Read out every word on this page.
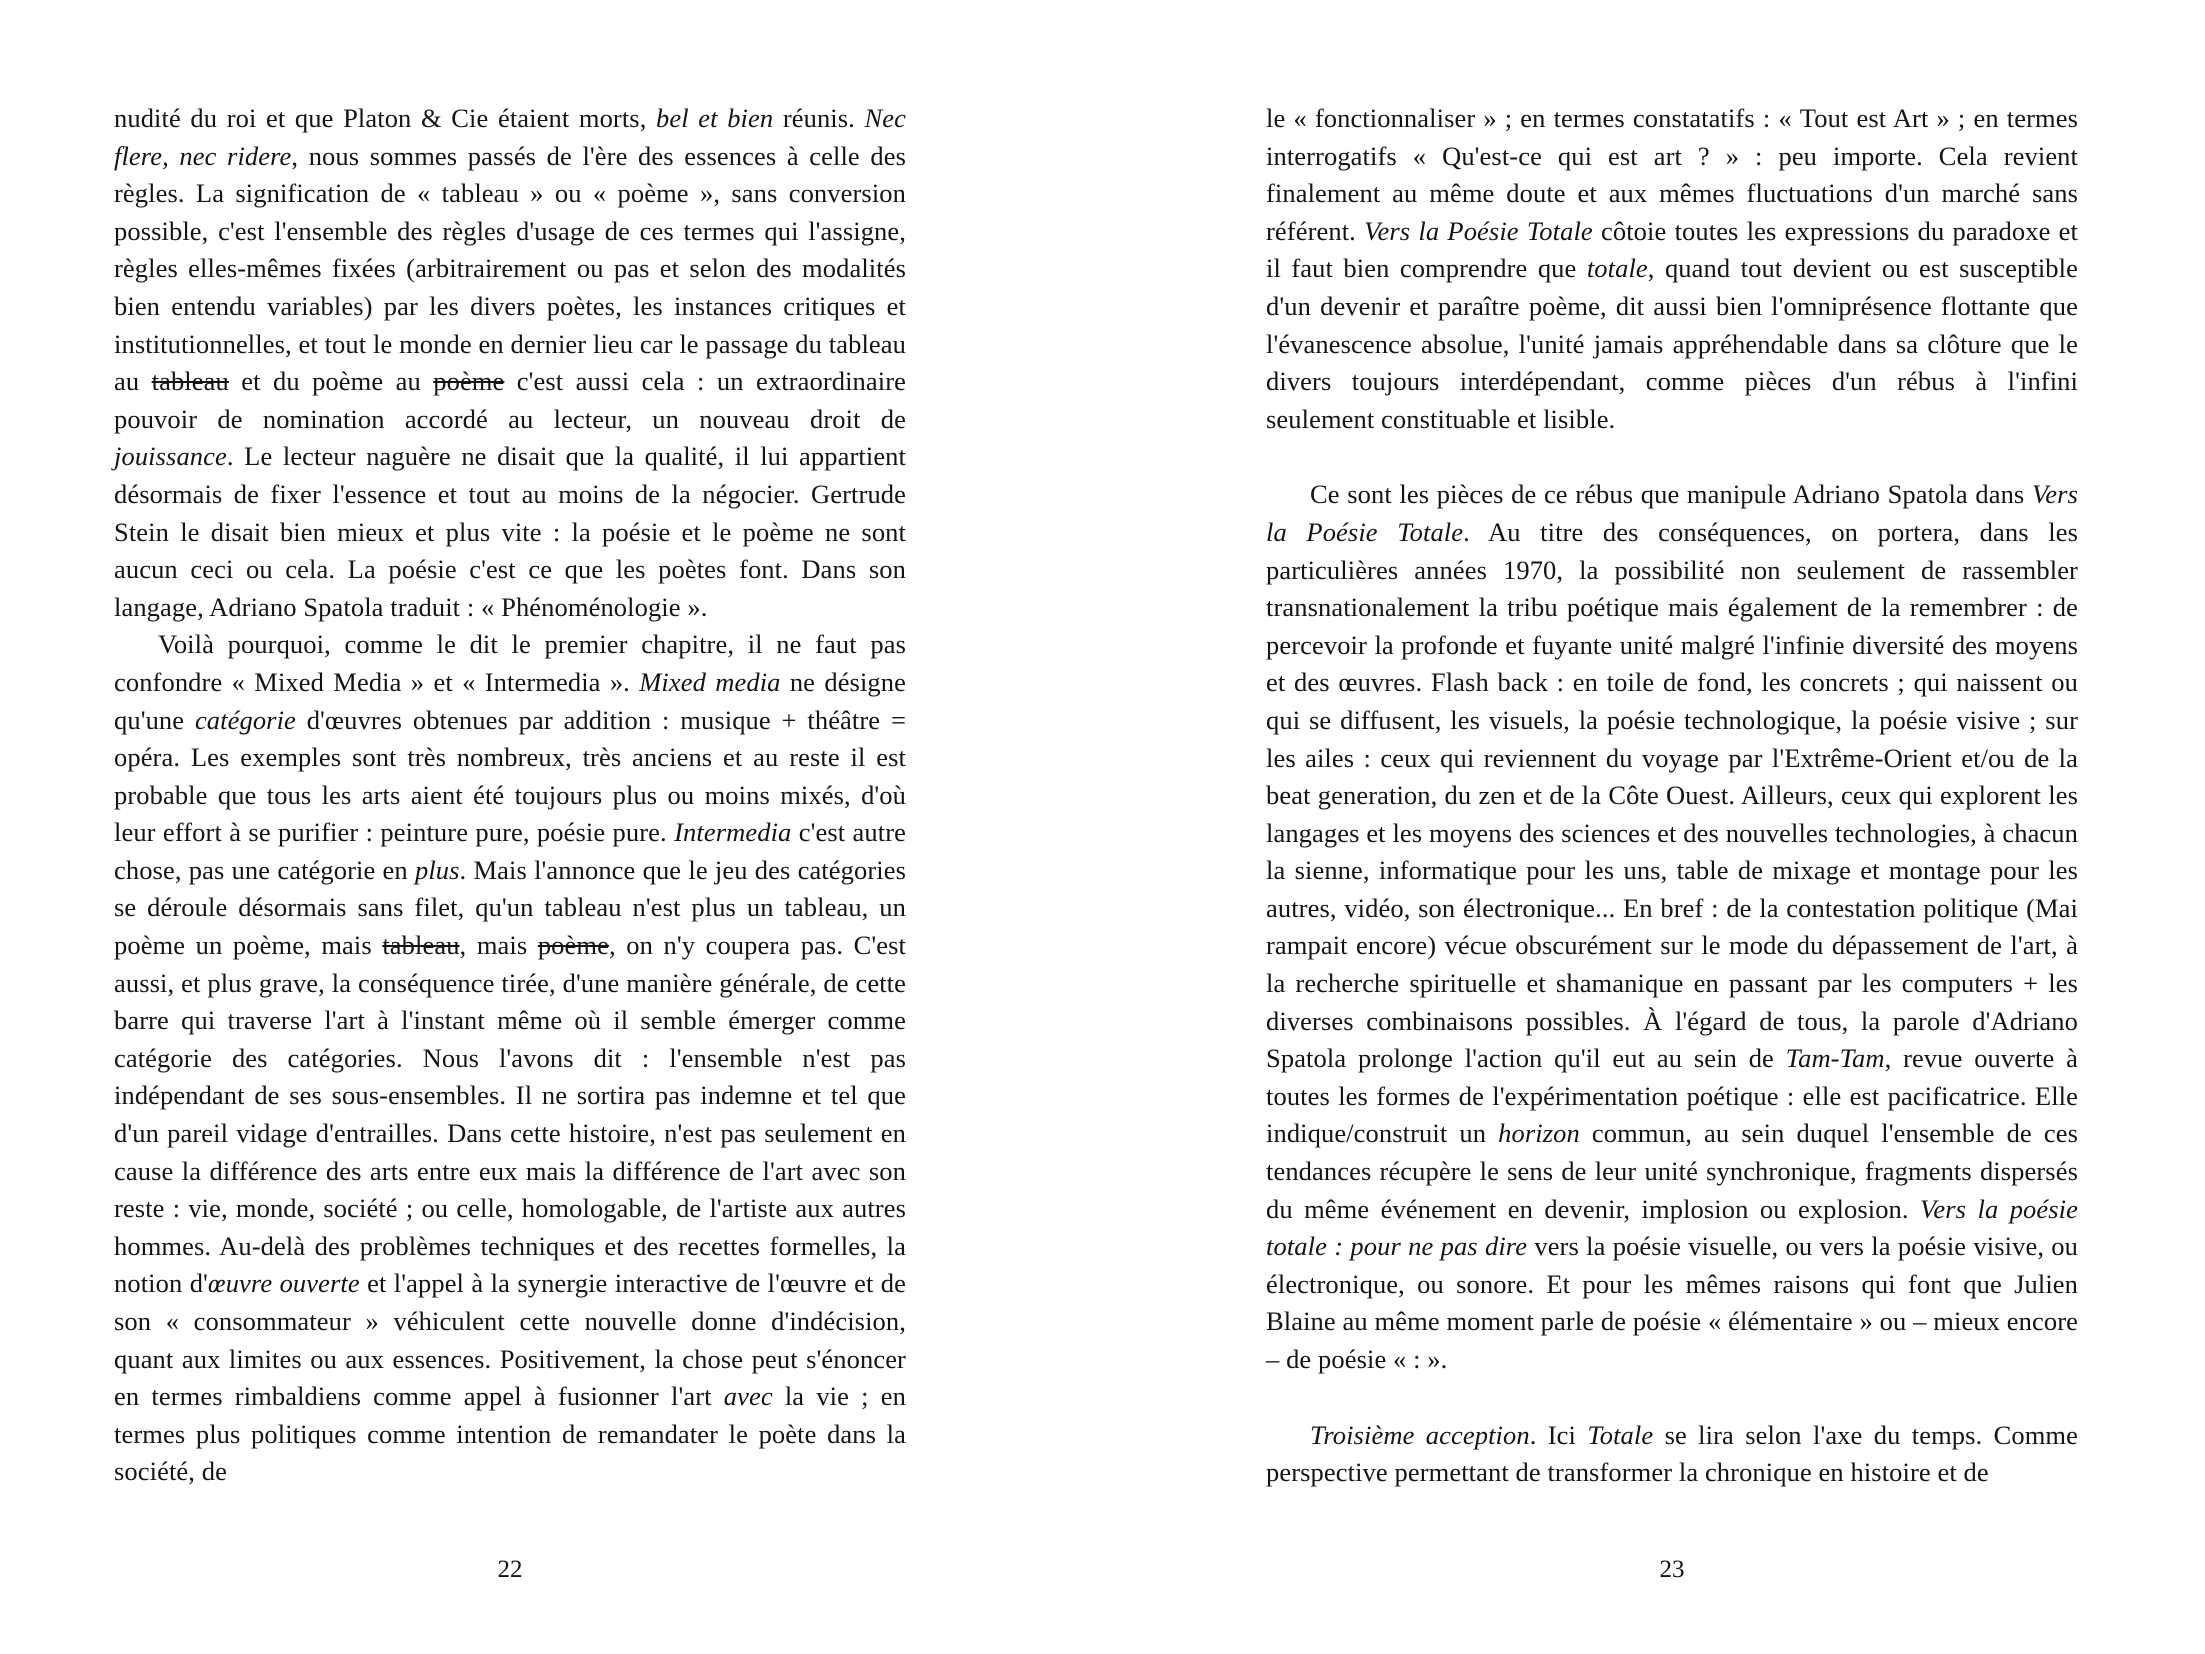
nudité du roi et que Platon & Cie étaient morts, bel et bien réunis. Nec flere, nec ridere, nous sommes passés de l'ère des essences à celle des règles. La signification de « tableau » ou « poème », sans conversion possible, c'est l'ensemble des règles d'usage de ces termes qui l'assigne, règles elles-mêmes fixées (arbitrairement ou pas et selon des modalités bien entendu variables) par les divers poètes, les instances critiques et institutionnelles, et tout le monde en dernier lieu car le passage du tableau au tableau et du poème au poème c'est aussi cela : un extraordinaire pouvoir de nomination accordé au lecteur, un nouveau droit de jouissance. Le lecteur naguère ne disait que la qualité, il lui appartient désormais de fixer l'essence et tout au moins de la négocier. Gertrude Stein le disait bien mieux et plus vite : la poésie et le poème ne sont aucun ceci ou cela. La poésie c'est ce que les poètes font. Dans son langage, Adriano Spatola traduit : « Phénoménologie ».

Voilà pourquoi, comme le dit le premier chapitre, il ne faut pas confondre « Mixed Media » et « Intermedia ». Mixed media ne désigne qu'une catégorie d'œuvres obtenues par addition : musique + théâtre = opéra. Les exemples sont très nombreux, très anciens et au reste il est probable que tous les arts aient été toujours plus ou moins mixés, d'où leur effort à se purifier : peinture pure, poésie pure. Intermedia c'est autre chose, pas une catégorie en plus. Mais l'annonce que le jeu des catégories se déroule désormais sans filet, qu'un tableau n'est plus un tableau, un poème un poème, mais tableau, mais poème, on n'y coupera pas. C'est aussi, et plus grave, la conséquence tirée, d'une manière générale, de cette barre qui traverse l'art à l'instant même où il semble émerger comme catégorie des catégories. Nous l'avons dit : l'ensemble n'est pas indépendant de ses sous-ensembles. Il ne sortira pas indemne et tel que d'un pareil vidage d'entrailles. Dans cette histoire, n'est pas seulement en cause la différence des arts entre eux mais la différence de l'art avec son reste : vie, monde, société ; ou celle, homologable, de l'artiste aux autres hommes. Au-delà des problèmes techniques et des recettes formelles, la notion d'œuvre ouverte et l'appel à la synergie interactive de l'œuvre et de son « consommateur » véhiculent cette nouvelle donne d'indécision, quant aux limites ou aux essences. Positivement, la chose peut s'énoncer en termes rimbaldiens comme appel à fusionner l'art avec la vie ; en termes plus politiques comme intention de remandater le poète dans la société, de

22

le « fonctionnaliser » ; en termes constatatifs : « Tout est Art » ; en termes interrogatifs « Qu'est-ce qui est art ? » : peu importe. Cela revient finalement au même doute et aux mêmes fluctuations d'un marché sans référent. Vers la Poésie Totale côtoie toutes les expressions du paradoxe et il faut bien comprendre que totale, quand tout devient ou est susceptible d'un devenir et paraître poème, dit aussi bien l'omniprésence flottante que l'évanescence absolue, l'unité jamais appréhendable dans sa clôture que le divers toujours interdépendant, comme pièces d'un rébus à l'infini seulement constituable et lisible.

Ce sont les pièces de ce rébus que manipule Adriano Spatola dans Vers la Poésie Totale. Au titre des conséquences, on portera, dans les particulières années 1970, la possibilité non seulement de rassembler transnationalement la tribu poétique mais également de la remembrer : de percevoir la profonde et fuyante unité malgré l'infinie diversité des moyens et des œuvres. Flash back : en toile de fond, les concrets ; qui naissent ou qui se diffusent, les visuels, la poésie technologique, la poésie visive ; sur les ailes : ceux qui reviennent du voyage par l'Extrême-Orient et/ou de la beat generation, du zen et de la Côte Ouest. Ailleurs, ceux qui explorent les langages et les moyens des sciences et des nouvelles technologies, à chacun la sienne, informatique pour les uns, table de mixage et montage pour les autres, vidéo, son électronique... En bref : de la contestation politique (Mai rampait encore) vécue obscurément sur le mode du dépassement de l'art, à la recherche spirituelle et shamanique en passant par les computers + les diverses combinaisons possibles. À l'égard de tous, la parole d'Adriano Spatola prolonge l'action qu'il eut au sein de Tam-Tam, revue ouverte à toutes les formes de l'expérimentation poétique : elle est pacificatrice. Elle indique/construit un horizon commun, au sein duquel l'ensemble de ces tendances récupère le sens de leur unité synchronique, fragments dispersés du même événement en devenir, implosion ou explosion. Vers la poésie totale : pour ne pas dire vers la poésie visuelle, ou vers la poésie visive, ou électronique, ou sonore. Et pour les mêmes raisons qui font que Julien Blaine au même moment parle de poésie « élémentaire » ou – mieux encore – de poésie « : ».

Troisième acception. Ici Totale se lira selon l'axe du temps. Comme perspective permettant de transformer la chronique en histoire et de

23
